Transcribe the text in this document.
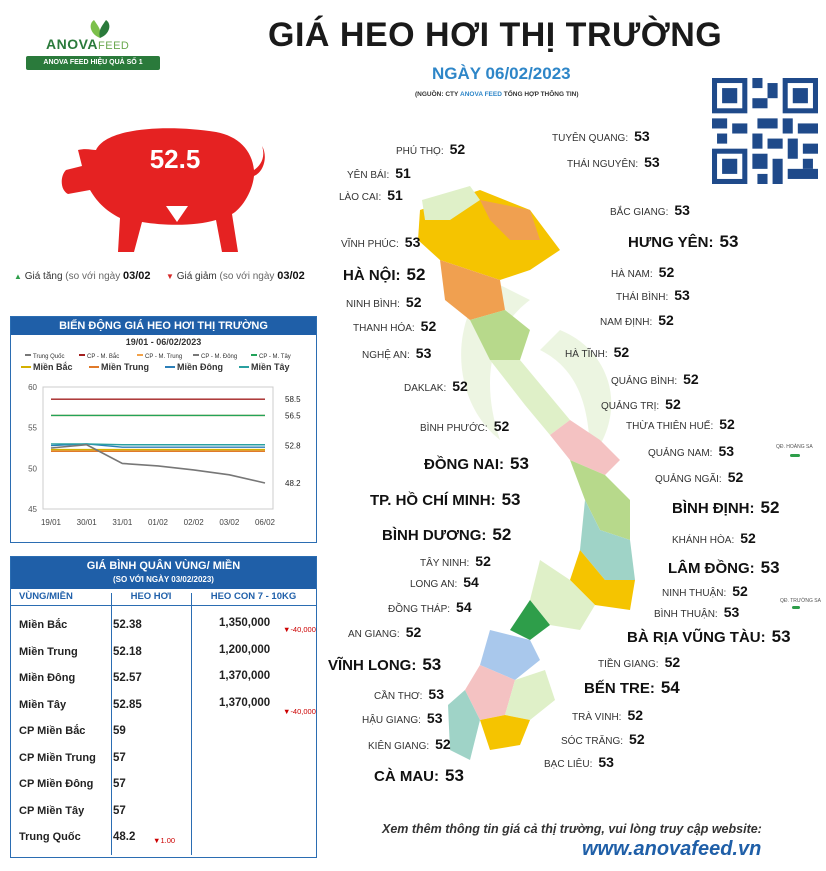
ANOVAFEED
ANOVA FEED HIỆU QUẢ SỐ 1
GIÁ HEO HƠI THỊ TRƯỜNG
NGÀY 06/02/2023
(NGUỒN: CTY ANOVA FEED TỔNG HỢP THÔNG TIN)
52.5
▲ Giá tăng (so với ngày 03/02 ▼ Giá giảm (so với ngày 03/02
BIẾN ĐỘNG GIÁ HEO HƠI THỊ TRƯỜNG
19/01 - 06/02/2023
Trung Quốc	CP - M. Bắc	CP - M. Trung	CP - M. Đông	CP - M. Tây
Miền Bắc	Miền Trung	Miền Đông	Miền Tây
45
50
55
60
19/01 30/01 31/01 01/02 02/02 03/02 06/02
58.5
56.5
52.8
48.2
GIÁ BÌNH QUÂN VÙNG/ MIỀN
(SO VỚI NGÀY 03/02/2023)
VÙNG/MIỀN	HEO HƠI	HEO CON 7 - 10KG
Miền Bắc	52.38	1,350,000
▼-40,000
Miền Trung	52.18	1,200,000
Miền Đông	52.57	1,370,000
Miền Tây	52.85	1,370,000
▼-40,000
CP Miền Bắc 59
CP Miền Trung 57
CP Miền Đông 57
CP Miền Tây	57
Trung Quốc	48.2 ▼1.00
QĐ. HOÀNG SA
QĐ. TRƯỜNG SA
PHÚ THỌ: 52
YÊN BÁI: 51
LÀO CAI: 51
VĨNH PHÚC: 53
HÀ NỘI: 52
NINH BÌNH: 52
THANH HÓA: 52
NGHỆ AN: 53
DAKLAK: 52
BÌNH PHƯỚC: 52
ĐỒNG NAI: 53
TP. HỒ CHÍ MINH: 53
BÌNH DƯƠNG: 52
TÂY NINH: 52
LONG AN: 54
ĐỒNG THÁP: 54
AN GIANG: 52
VĨNH LONG: 53
CẦN THƠ: 53
HẬU GIANG: 53
KIÊN GIANG: 52
CÀ MAU: 53
TUYÊN QUANG: 53
THÁI NGUYÊN: 53
BẮC GIANG: 53
HƯNG YÊN: 53
HÀ NAM: 52
THÁI BÌNH: 53
NAM ĐỊNH: 52
HÀ TĨNH: 52
QUẢNG BÌNH: 52
QUẢNG TRỊ: 52
THỪA THIÊN HUẾ: 52
QUẢNG NAM: 53
QUẢNG NGÃI: 52
BÌNH ĐỊNH: 52
KHÁNH HÒA: 52
LÂM ĐỒNG: 53
NINH THUẬN: 52
BÌNH THUẬN: 53
BÀ RỊA VŨNG TÀU: 53
TIỀN GIANG: 52
BẾN TRE: 54
TRÀ VINH: 52
SÓC TRĂNG: 52
BẠC LIÊU: 53
Xem thêm thông tin giá cả thị trường, vui lòng truy cập website:
www.anovafeed.vn
